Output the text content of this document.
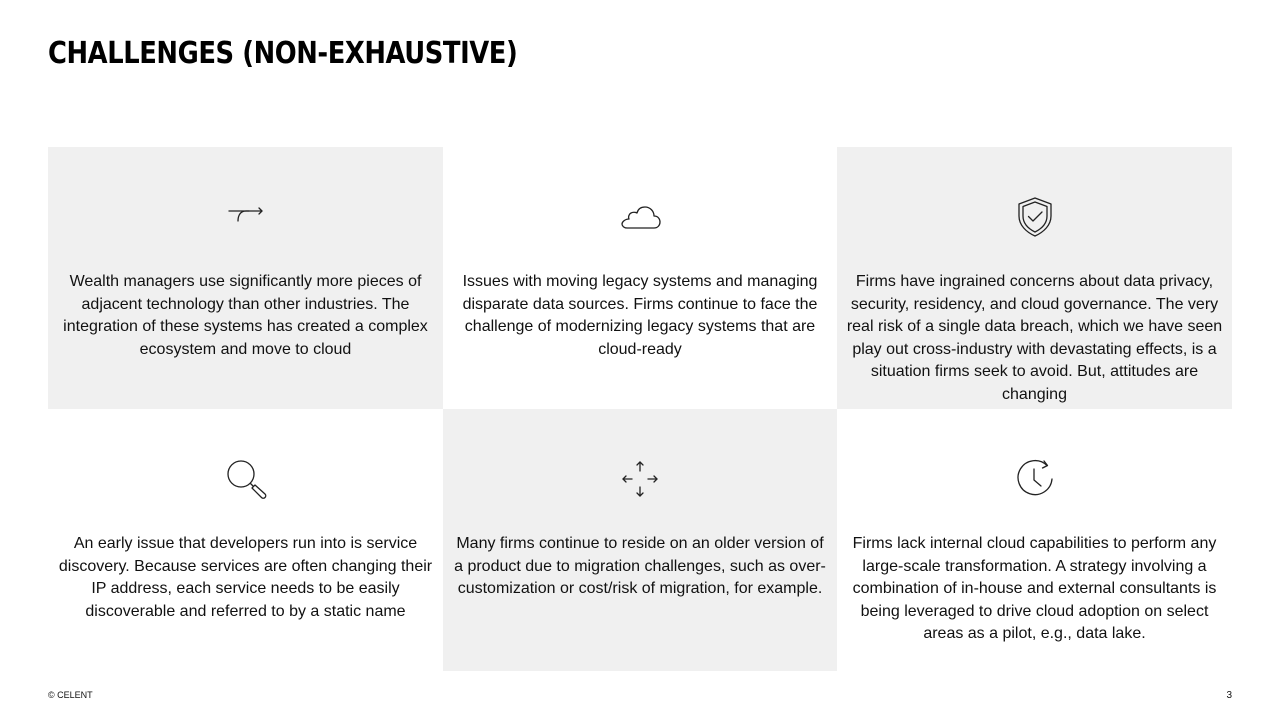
CHALLENGES (NON-EXHAUSTIVE)
Wealth managers use significantly more pieces of adjacent technology than other industries. The integration of these systems has created a complex ecosystem and move to cloud
Issues with moving legacy systems and managing disparate data sources. Firms continue to face the challenge of modernizing legacy systems that are cloud-ready
Firms have ingrained concerns about data privacy, security, residency, and cloud governance. The very real risk of a single data breach, which we have seen play out cross-industry with devastating effects, is a situation firms seek to avoid. But, attitudes are changing
An early issue that developers run into is service discovery. Because services are often changing their IP address, each service needs to be easily discoverable and referred to by a static name
Many firms continue to reside on an older version of a product due to migration challenges, such as over-customization or cost/risk of migration, for example.
Firms lack internal cloud capabilities to perform any large-scale transformation. A strategy involving a combination of in-house and external consultants is being leveraged to drive cloud adoption on select areas as a pilot, e.g., data lake.
© CELENT	3
